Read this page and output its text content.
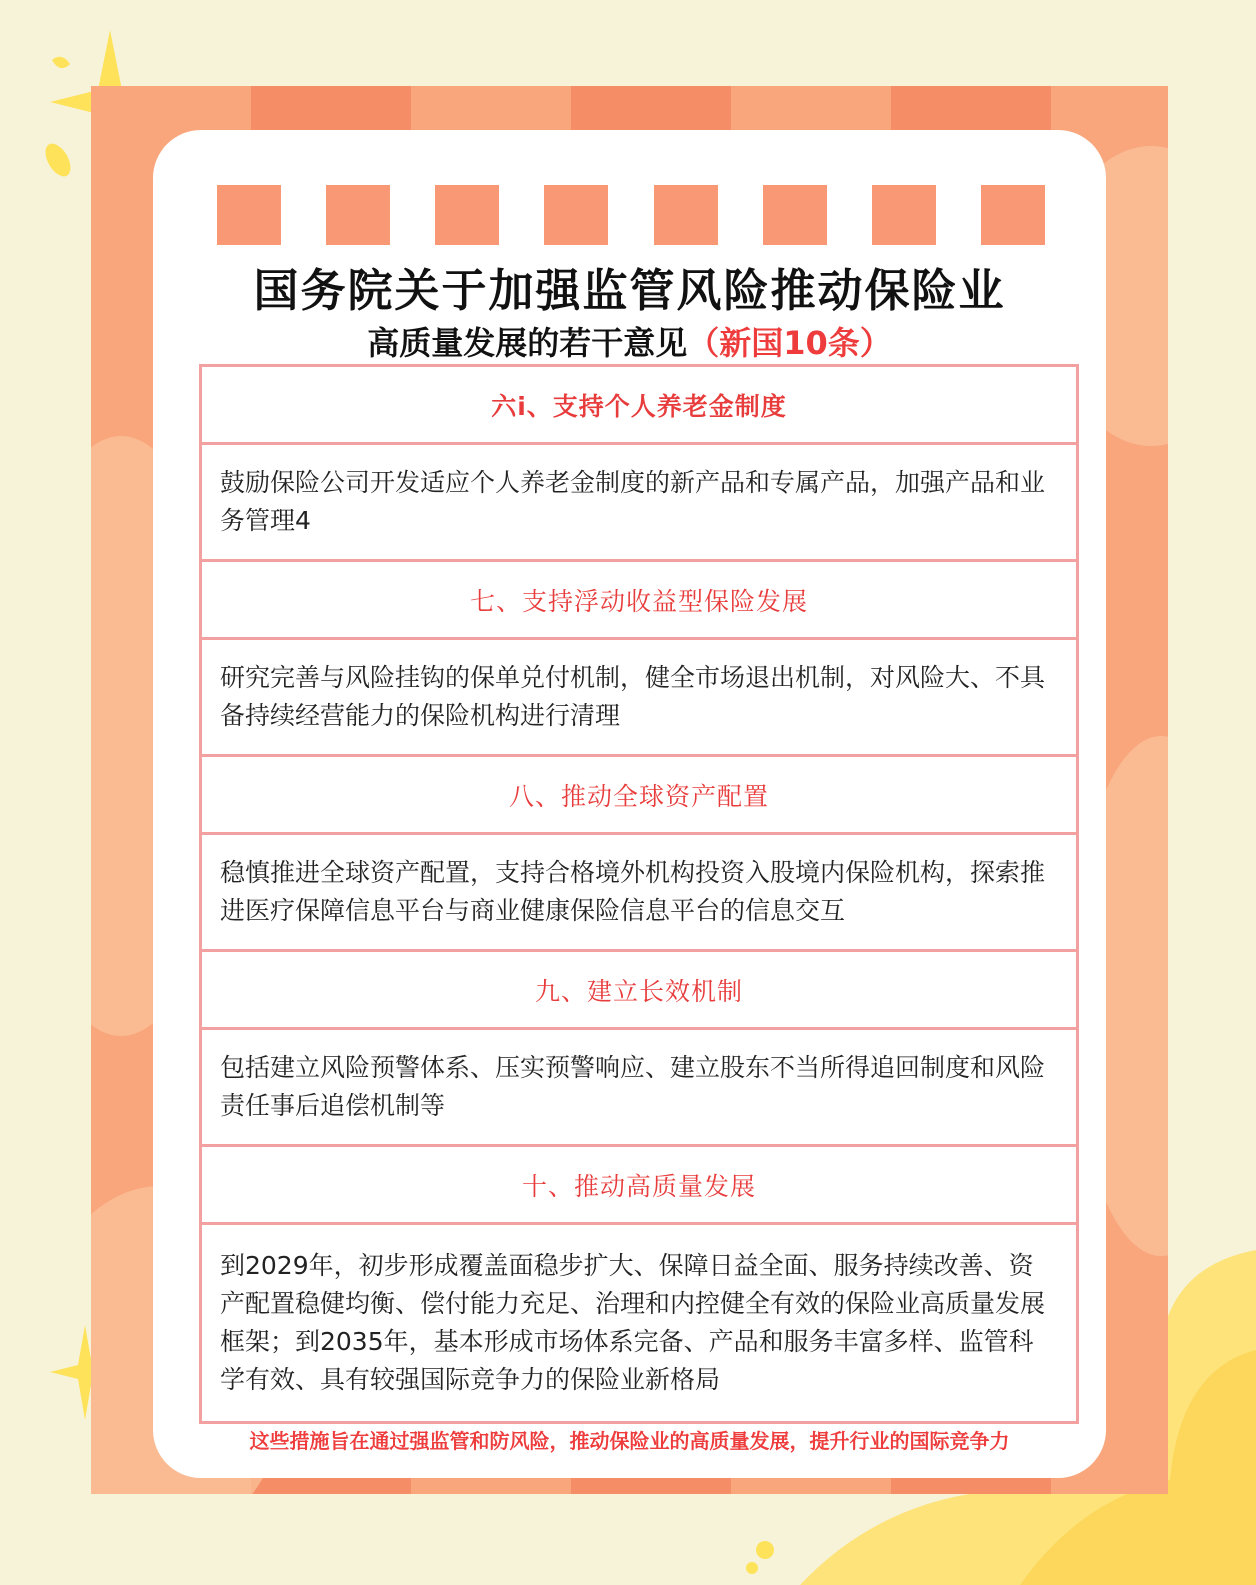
国务院关于加强监管风险推动保险业
高质量发展的若干意见（新国10条）
六i、支持个人养老金制度
鼓励保险公司开发适应个人养老金制度的新产品和专属产品，加强产品和业务管理4
七、支持浮动收益型保险发展
研究完善与风险挂钩的保单兑付机制，健全市场退出机制，对风险大、不具备持续经营能力的保险机构进行清理
八、推动全球资产配置
稳慎推进全球资产配置，支持合格境外机构投资入股境内保险机构，探索推进医疗保障信息平台与商业健康保险信息平台的信息交互
九、建立长效机制
包括建立风险预警体系、压实预警响应、建立股东不当所得追回制度和风险责任事后追偿机制等
十、推动高质量发展
到2029年，初步形成覆盖面稳步扩大、保障日益全面、服务持续改善、资产配置稳健均衡、偿付能力充足、治理和内控健全有效的保险业高质量发展框架；到2035年，基本形成市场体系完备、产品和服务丰富多样、监管科学有效、具有较强国际竞争力的保险业新格局

这些措施旨在通过强监管和防风险，推动保险业的高质量发展，提升行业的国际竞争力
